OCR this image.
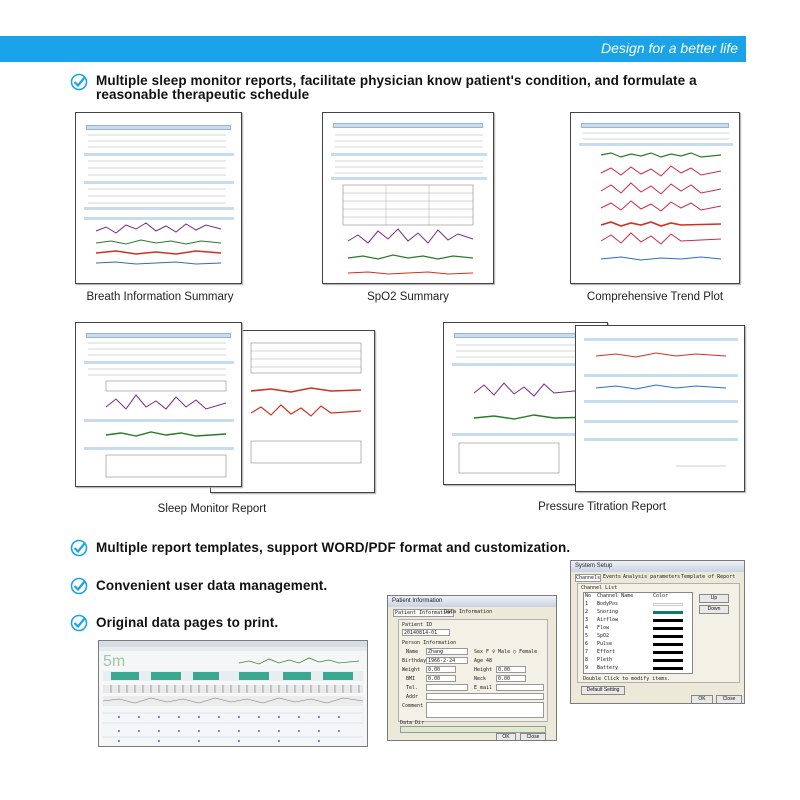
Design for a better life
Multiple sleep monitor reports, facilitate physician know patient's condition, and formulate a
reasonable therapeutic schedule
Breath Information Summary	SpO2 Summary	Comprehensive Trend Plot
Sleep Monitor Report	Pressure Titration Report
Multiple report templates, support WORD/PDF format and customization.
Convenient user data management.
Original data pages to print.
5m
Patient Information
Patient Information
Data Information
Patient ID
20140814-01
Person Information
Name Zhang	Sex F ♀ Male ○ Female
Birthday 1966-2-24	Age 48
Weight 0.00	Height 0.00
BMI	0.00	Neck 0.00
Tel.	E_mail
Addr
Comment
Data Dir
OK	Close
System Setup
Channels Events Analysis parameters Template of Report
Channel List
No Channel Name	Color	Up
Down
Double Click to modify items.
Default Setting
OK	Close
1 BodyPos
2 Snoring
3 Airflow
4 Flow
5 SpO2
6 Pulse
7 Effort
8 Pleth
9 Battery
